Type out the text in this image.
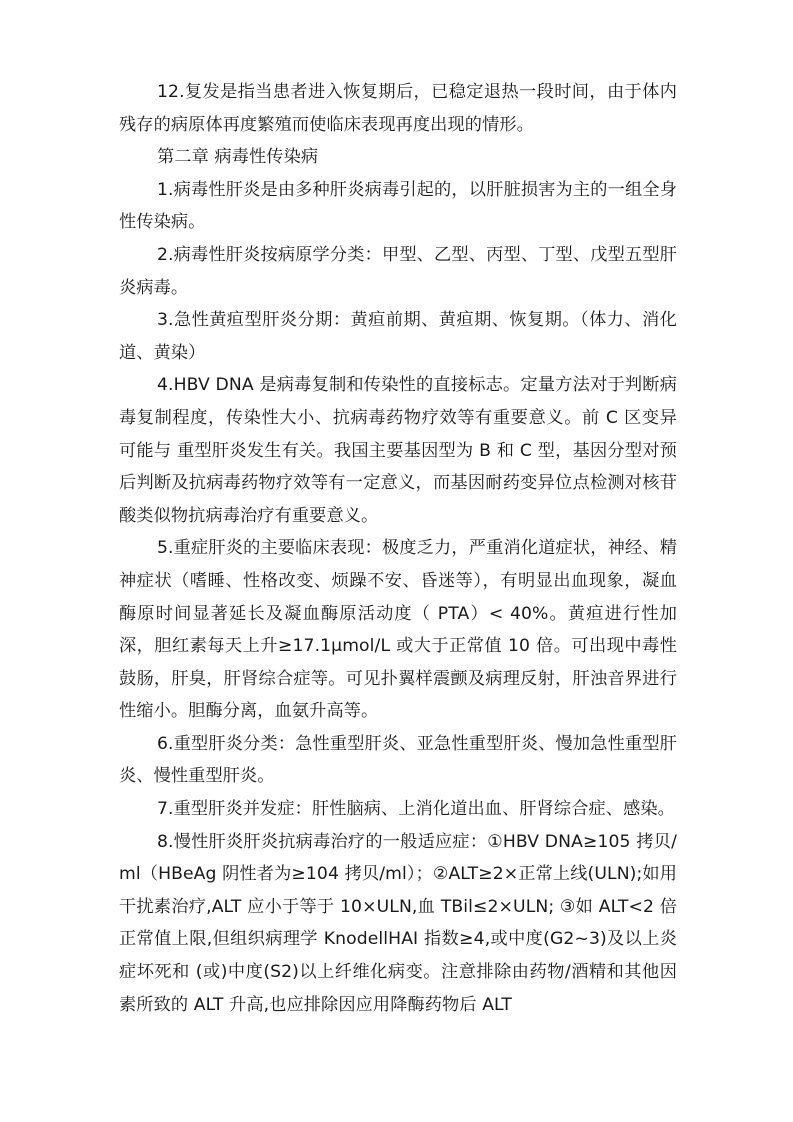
12.复发是指当患者进入恢复期后，已稳定退热一段时间，由于体内残存的病原体再度繁殖而使临床表现再度出现的情形。

第二章 病毒性传染病

1.病毒性肝炎是由多种肝炎病毒引起的，以肝脏损害为主的一组全身性传染病。

2.病毒性肝炎按病原学分类：甲型、乙型、丙型、丁型、戊型五型肝炎病毒。

3.急性黄疸型肝炎分期：黄疸前期、黄疸期、恢复期。（体力、消化道、黄染）

4.HBV DNA 是病毒复制和传染性的直接标志。定量方法对于判断病毒复制程度，传染性大小、抗病毒药物疗效等有重要意义。前 C 区变异可能与 重型肝炎发生有关。我国主要基因型为 B 和 C 型，基因分型对预后判断及抗病毒药物疗效等有一定意义，而基因耐药变异位点检测对核苷酸类似物抗病毒治疗有重要意义。

5.重症肝炎的主要临床表现：极度乏力，严重消化道症状，神经、精神症状（嗜睡、性格改变、烦躁不安、昏迷等），有明显出血现象，凝血酶原时间显著延长及凝血酶原活动度（ PTA）< 40%。黄疸进行性加深，胆红素每天上升≥17.1μmol/L 或大于正常值 10 倍。可出现中毒性鼓肠，肝臭，肝肾综合症等。可见扑翼样震颤及病理反射，肝浊音界进行性缩小。胆酶分离，血氨升高等。

6.重型肝炎分类：急性重型肝炎、亚急性重型肝炎、慢加急性重型肝炎、慢性重型肝炎。

7.重型肝炎并发症：肝性脑病、上消化道出血、肝肾综合症、感染。

8.慢性肝炎肝炎抗病毒治疗的一般适应症：①HBV DNA≥105 拷贝/ml（HBeAg 阴性者为≥104 拷贝/ml）；②ALT≥2×正常上线(ULN);如用干扰素治疗,ALT 应小于等于 10×ULN,血 TBil≤2×ULN; ③如 ALT<2 倍正常值上限,但组织病理学 KnodellHAI 指数≥4,或中度(G2~3)及以上炎症坏死和 (或)中度(S2)以上纤维化病变。注意排除由药物/酒精和其他因素所致的 ALT 升高,也应排除因应用降酶药物后 ALT
